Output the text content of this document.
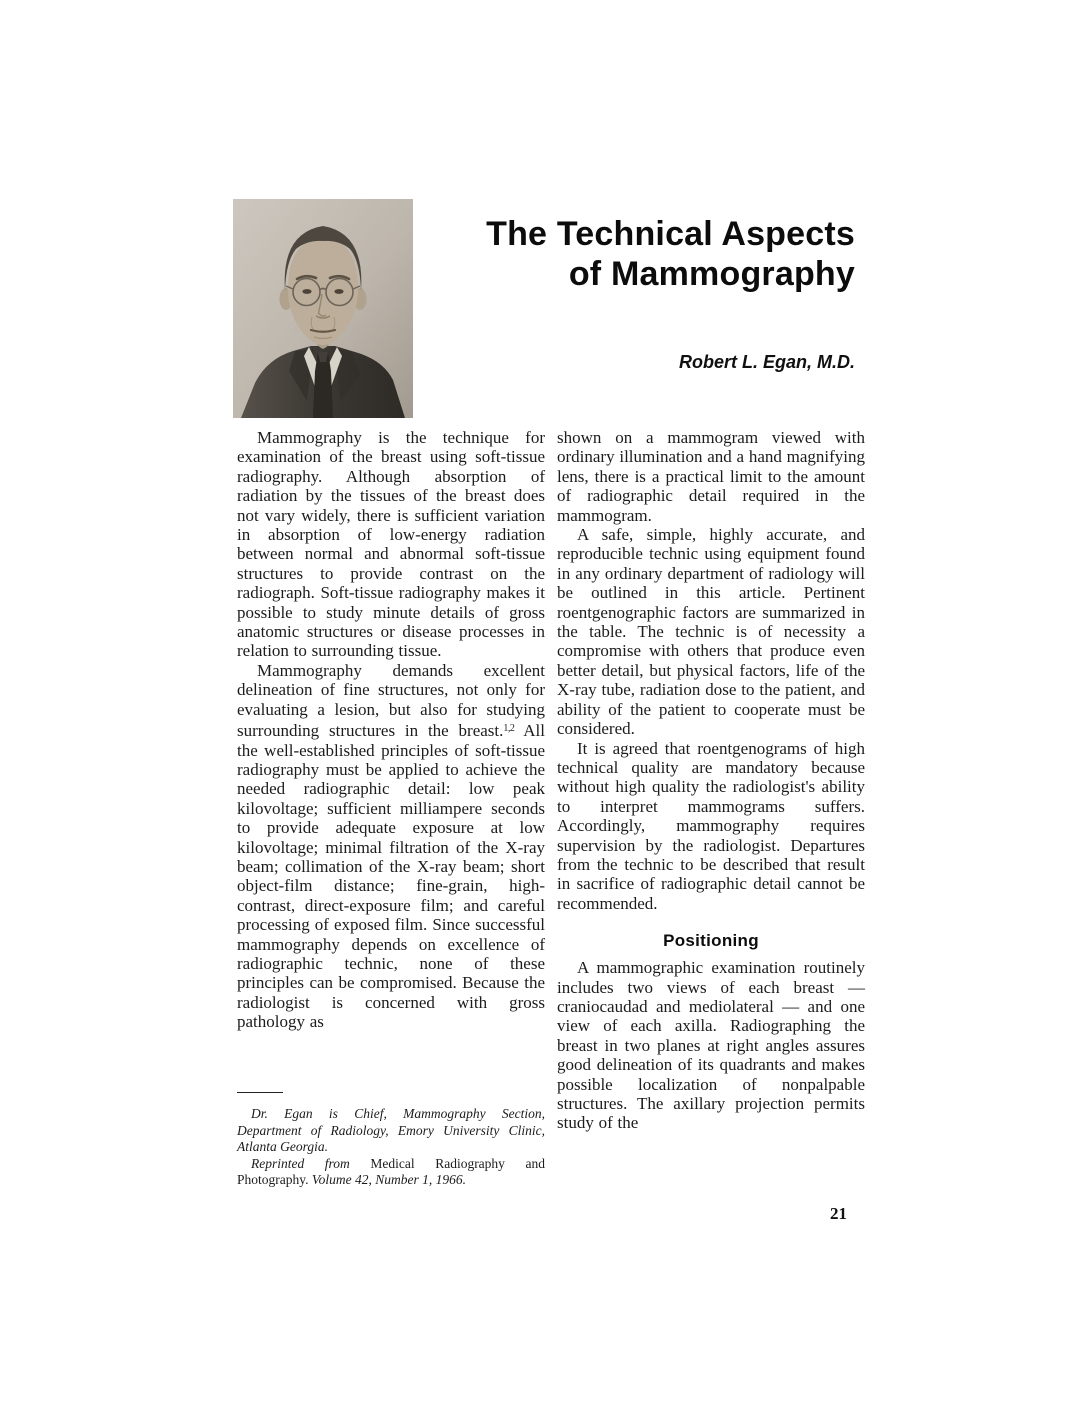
The Technical Aspects
of Mammography
Robert L. Egan, M.D.

Mammography is the technique for examination of the breast using soft-tissue radiography. Although absorption of radiation by the tissues of the breast does not vary widely, there is sufficient variation in absorption of low-energy radiation between normal and abnormal soft-tissue structures to provide contrast on the radiograph. Soft-tissue radiography makes it possible to study minute details of gross anatomic structures or disease processes in relation to surrounding tissue.

Mammography demands excellent delineation of fine structures, not only for evaluating a lesion, but also for studying surrounding structures in the breast.$^{1,2}$ All the well-established principles of soft-tissue radiography must be applied to achieve the needed radiographic detail: low peak kilovoltage; sufficient milliampere seconds to provide adequate exposure at low kilovoltage; minimal filtration of the X-ray beam; collimation of the X-ray beam; short object-film distance; fine-grain, high-contrast, direct-exposure film; and careful processing of exposed film. Since successful mammography depends on excellence of radiographic technic, none of these principles can be compromised. Because the radiologist is concerned with gross pathology as

Dr. Egan is Chief, Mammography Section, Department of Radiology, Emory University Clinic, Atlanta Georgia.

Reprinted from Medical Radiography and Photography. Volume 42, Number 1, 1966.

shown on a mammogram viewed with ordinary illumination and a hand magnifying lens, there is a practical limit to the amount of radiographic detail required in the mammogram.

A safe, simple, highly accurate, and reproducible technic using equipment found in any ordinary department of radiology will be outlined in this article. Pertinent roentgenographic factors are summarized in the table. The technic is of necessity a compromise with others that produce even better detail, but physical factors, life of the X-ray tube, radiation dose to the patient, and ability of the patient to cooperate must be considered.

It is agreed that roentgenograms of high technical quality are mandatory because without high quality the radiologist's ability to interpret mammograms suffers. Accordingly, mammography requires supervision by the radiologist. Departures from the technic to be described that result in sacrifice of radiographic detail cannot be recommended.

Positioning

A mammographic examination routinely includes two views of each breast — craniocaudad and mediolateral — and one view of each axilla. Radiographing the breast in two planes at right angles assures good delineation of its quadrants and makes possible localization of nonpalpable structures. The axillary projection permits study of the

21
